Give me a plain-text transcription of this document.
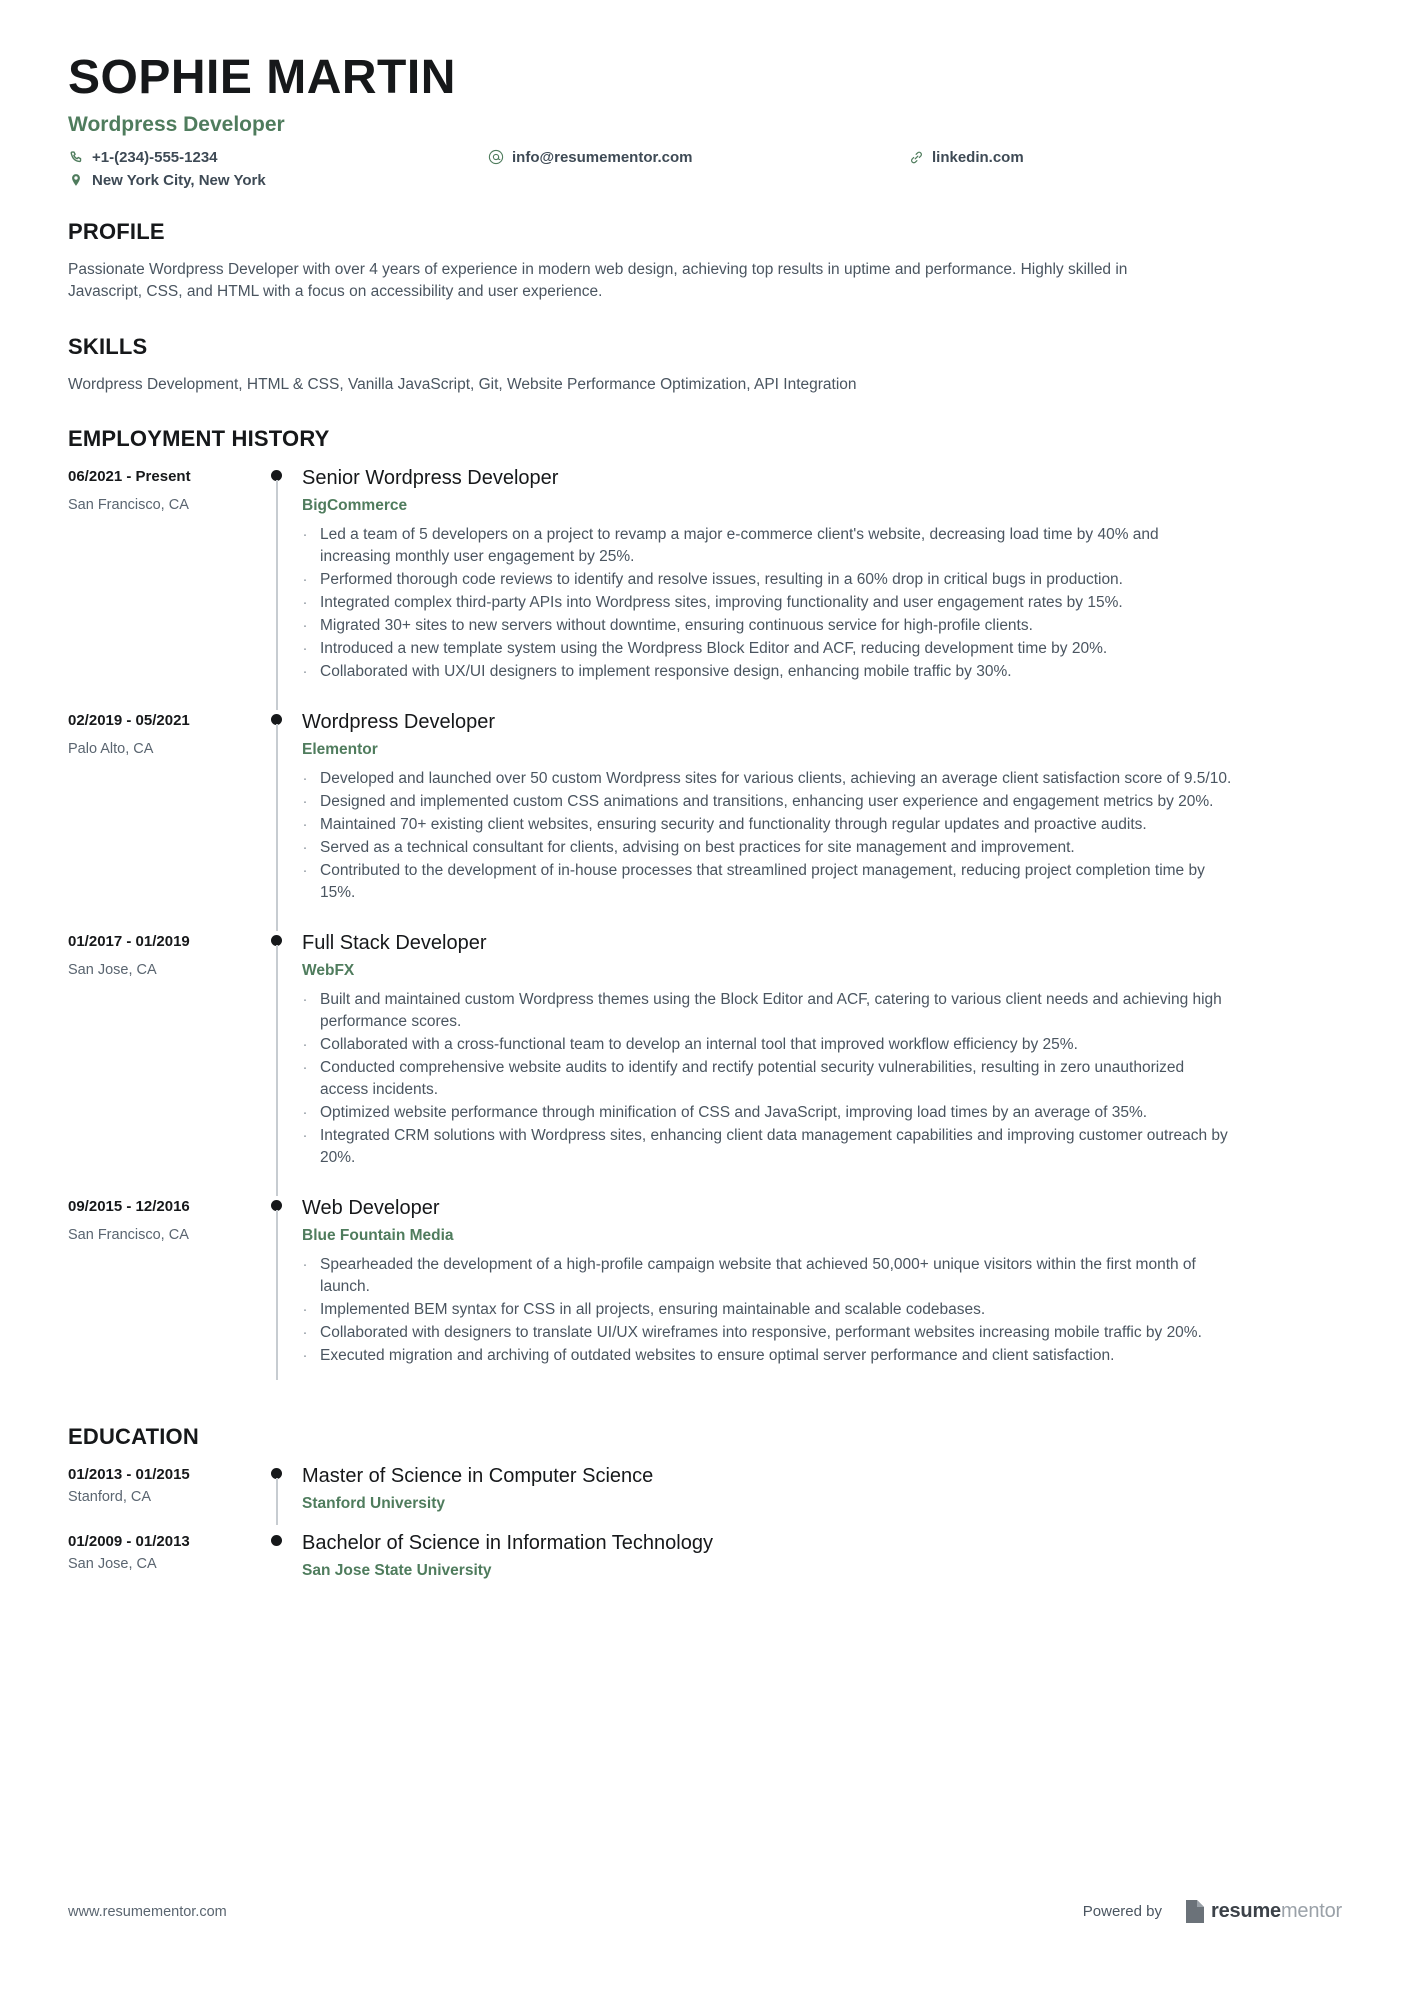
SOPHIE MARTIN
Wordpress Developer
+1-(234)-555-1234	info@resumementor.com	linkedin.com
New York City, New York
PROFILE
Passionate Wordpress Developer with over 4 years of experience in modern web design, achieving top results in uptime and performance. Highly skilled in Javascript, CSS, and HTML with a focus on accessibility and user experience.
SKILLS
Wordpress Development, HTML & CSS, Vanilla JavaScript, Git, Website Performance Optimization, API Integration
EMPLOYMENT HISTORY
06/2021 - Present
San Francisco, CA
Senior Wordpress Developer
BigCommerce
· Led a team of 5 developers on a project to revamp a major e-commerce client's website, decreasing load time by 40% and increasing monthly user engagement by 25%.
· Performed thorough code reviews to identify and resolve issues, resulting in a 60% drop in critical bugs in production.
· Integrated complex third-party APIs into Wordpress sites, improving functionality and user engagement rates by 15%.
· Migrated 30+ sites to new servers without downtime, ensuring continuous service for high-profile clients.
· Introduced a new template system using the Wordpress Block Editor and ACF, reducing development time by 20%.
· Collaborated with UX/UI designers to implement responsive design, enhancing mobile traffic by 30%.
02/2019 - 05/2021
Palo Alto, CA
Wordpress Developer
Elementor
· Developed and launched over 50 custom Wordpress sites for various clients, achieving an average client satisfaction score of 9.5/10.
· Designed and implemented custom CSS animations and transitions, enhancing user experience and engagement metrics by 20%.
· Maintained 70+ existing client websites, ensuring security and functionality through regular updates and proactive audits.
· Served as a technical consultant for clients, advising on best practices for site management and improvement.
· Contributed to the development of in-house processes that streamlined project management, reducing project completion time by 15%.
01/2017 - 01/2019
San Jose, CA
Full Stack Developer
WebFX
· Built and maintained custom Wordpress themes using the Block Editor and ACF, catering to various client needs and achieving high performance scores.
· Collaborated with a cross-functional team to develop an internal tool that improved workflow efficiency by 25%.
· Conducted comprehensive website audits to identify and rectify potential security vulnerabilities, resulting in zero unauthorized access incidents.
· Optimized website performance through minification of CSS and JavaScript, improving load times by an average of 35%.
· Integrated CRM solutions with Wordpress sites, enhancing client data management capabilities and improving customer outreach by 20%.
09/2015 - 12/2016
San Francisco, CA
Web Developer
Blue Fountain Media
· Spearheaded the development of a high-profile campaign website that achieved 50,000+ unique visitors within the first month of launch.
· Implemented BEM syntax for CSS in all projects, ensuring maintainable and scalable codebases.
· Collaborated with designers to translate UI/UX wireframes into responsive, performant websites increasing mobile traffic by 20%.
· Executed migration and archiving of outdated websites to ensure optimal server performance and client satisfaction.
EDUCATION
01/2013 - 01/2015
Stanford, CA
Master of Science in Computer Science
Stanford University
01/2009 - 01/2013
San Jose, CA
Bachelor of Science in Information Technology
San Jose State University
www.resumementor.com	Powered by resumementor
